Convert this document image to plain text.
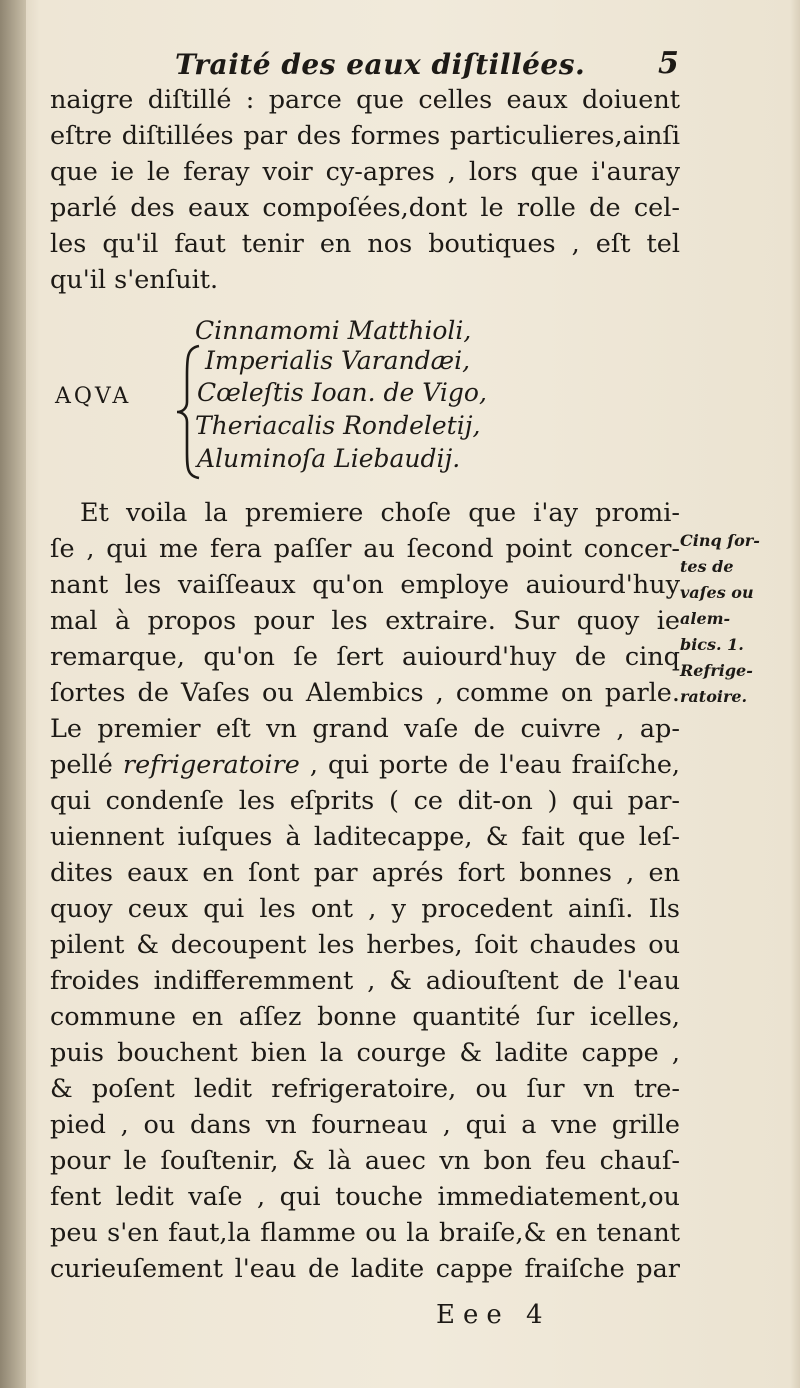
Traité des eaux diſtillées. 5
naigre diſtillé : parce que celles eaux doiuent
eſtre diſtillées par des formes particulieres,ainſi
que ie le feray voir cy-apres , lors que i'auray
parlé des eaux compoſées,dont le rolle de cel-
les qu'il faut tenir en nos boutiques , eſt tel
qu'il s'enſuit.
AQVA
Cinnamomi Matthioli,
Imperialis Varandæi,
Cœleſtis Ioan. de Vigo,
Theriacalis Rondeletij,
Aluminoſa Liebaudij.
Et voila la premiere choſe que i'ay promi-
ſe , qui me fera paſſer au ſecond point concer-
nant les vaiſſeaux qu'on employe auiourd'huy
mal à propos pour les extraire. Sur quoy ie
remarque, qu'on ſe ſert auiourd'huy de cinq
ſortes de Vaſes ou Alembics , comme on parle.
Le premier eſt vn grand vaſe de cuivre , ap-
pellé refrigeratoire , qui porte de l'eau fraiſche,
qui condenſe les eſprits ( ce dit-on ) qui par-
uiennent iuſques à laditecappe, & fait que leſ-
dites eaux en ſont par aprés fort bonnes , en
quoy ceux qui les ont , y procedent ainſi. Ils
pilent & decoupent les herbes, ſoit chaudes ou
froides indifferemment , & adiouſtent de l'eau
commune en aſſez bonne quantité ſur icelles,
puis bouchent bien la courge & ladite cappe ,
& poſent ledit refrigeratoire, ou ſur vn tre-
pied , ou dans vn fourneau , qui a vne grille
pour le ſouſtenir, & là auec vn bon feu chauſ-
fent ledit vaſe , qui touche immediatement,ou
peu s'en faut,la flamme ou la braiſe,& en tenant
curieuſement l'eau de ladite cappe fraiſche par
Cinq ſor-
tes de
vaſes ou
alem-
bics. 1.
Refrige-
ratoire.
Eee 4
